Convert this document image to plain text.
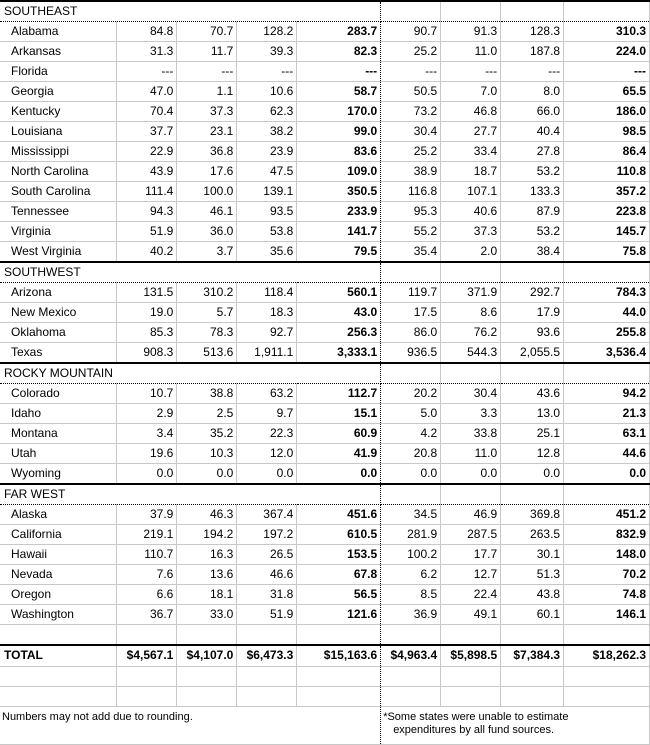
SOUTHEAST								
Alabama	84.8	70.7	128.2	283.7	90.7	91.3	128.3	310.3
Arkansas	31.3	11.7	39.3	82.3	25.2	11.0	187.8	224.0
Florida	---	---	---	---	---	---	---	---
Georgia	47.0	1.1	10.6	58.7	50.5	7.0	8.0	65.5
Kentucky	70.4	37.3	62.3	170.0	73.2	46.8	66.0	186.0
Louisiana	37.7	23.1	38.2	99.0	30.4	27.7	40.4	98.5
Mississippi	22.9	36.8	23.9	83.6	25.2	33.4	27.8	86.4
North Carolina	43.9	17.6	47.5	109.0	38.9	18.7	53.2	110.8
South Carolina	111.4	100.0	139.1	350.5	116.8	107.1	133.3	357.2
Tennessee	94.3	46.1	93.5	233.9	95.3	40.6	87.9	223.8
Virginia	51.9	36.0	53.8	141.7	55.2	37.3	53.2	145.7
West Virginia	40.2	3.7	35.6	79.5	35.4	2.0	38.4	75.8
SOUTHWEST								
Arizona	131.5	310.2	118.4	560.1	119.7	371.9	292.7	784.3
New Mexico	19.0	5.7	18.3	43.0	17.5	8.6	17.9	44.0
Oklahoma	85.3	78.3	92.7	256.3	86.0	76.2	93.6	255.8
Texas	908.3	513.6	1,911.1	3,333.1	936.5	544.3	2,055.5	3,536.4
ROCKY MOUNTAIN								
Colorado	10.7	38.8	63.2	112.7	20.2	30.4	43.6	94.2
Idaho	2.9	2.5	9.7	15.1	5.0	3.3	13.0	21.3
Montana	3.4	35.2	22.3	60.9	4.2	33.8	25.1	63.1
Utah	19.6	10.3	12.0	41.9	20.8	11.0	12.8	44.6
Wyoming	0.0	0.0	0.0	0.0	0.0	0.0	0.0	0.0
FAR WEST								
Alaska	37.9	46.3	367.4	451.6	34.5	46.9	369.8	451.2
California	219.1	194.2	197.2	610.5	281.9	287.5	263.5	832.9
Hawaii	110.7	16.3	26.5	153.5	100.2	17.7	30.1	148.0
Nevada	7.6	13.6	46.6	67.8	6.2	12.7	51.3	70.2
Oregon	6.6	18.1	31.8	56.5	8.5	22.4	43.8	74.8
Washington	36.7	33.0	51.9	121.6	36.9	49.1	60.1	146.1

TOTAL	$4,567.1	$4,107.0	$6,473.3	$15,163.6	$4,963.4	$5,898.5	$7,384.3	$18,262.3

Numbers may not add due to rounding.					*Some states were unable to estimate
expenditures by all fund sources.			
